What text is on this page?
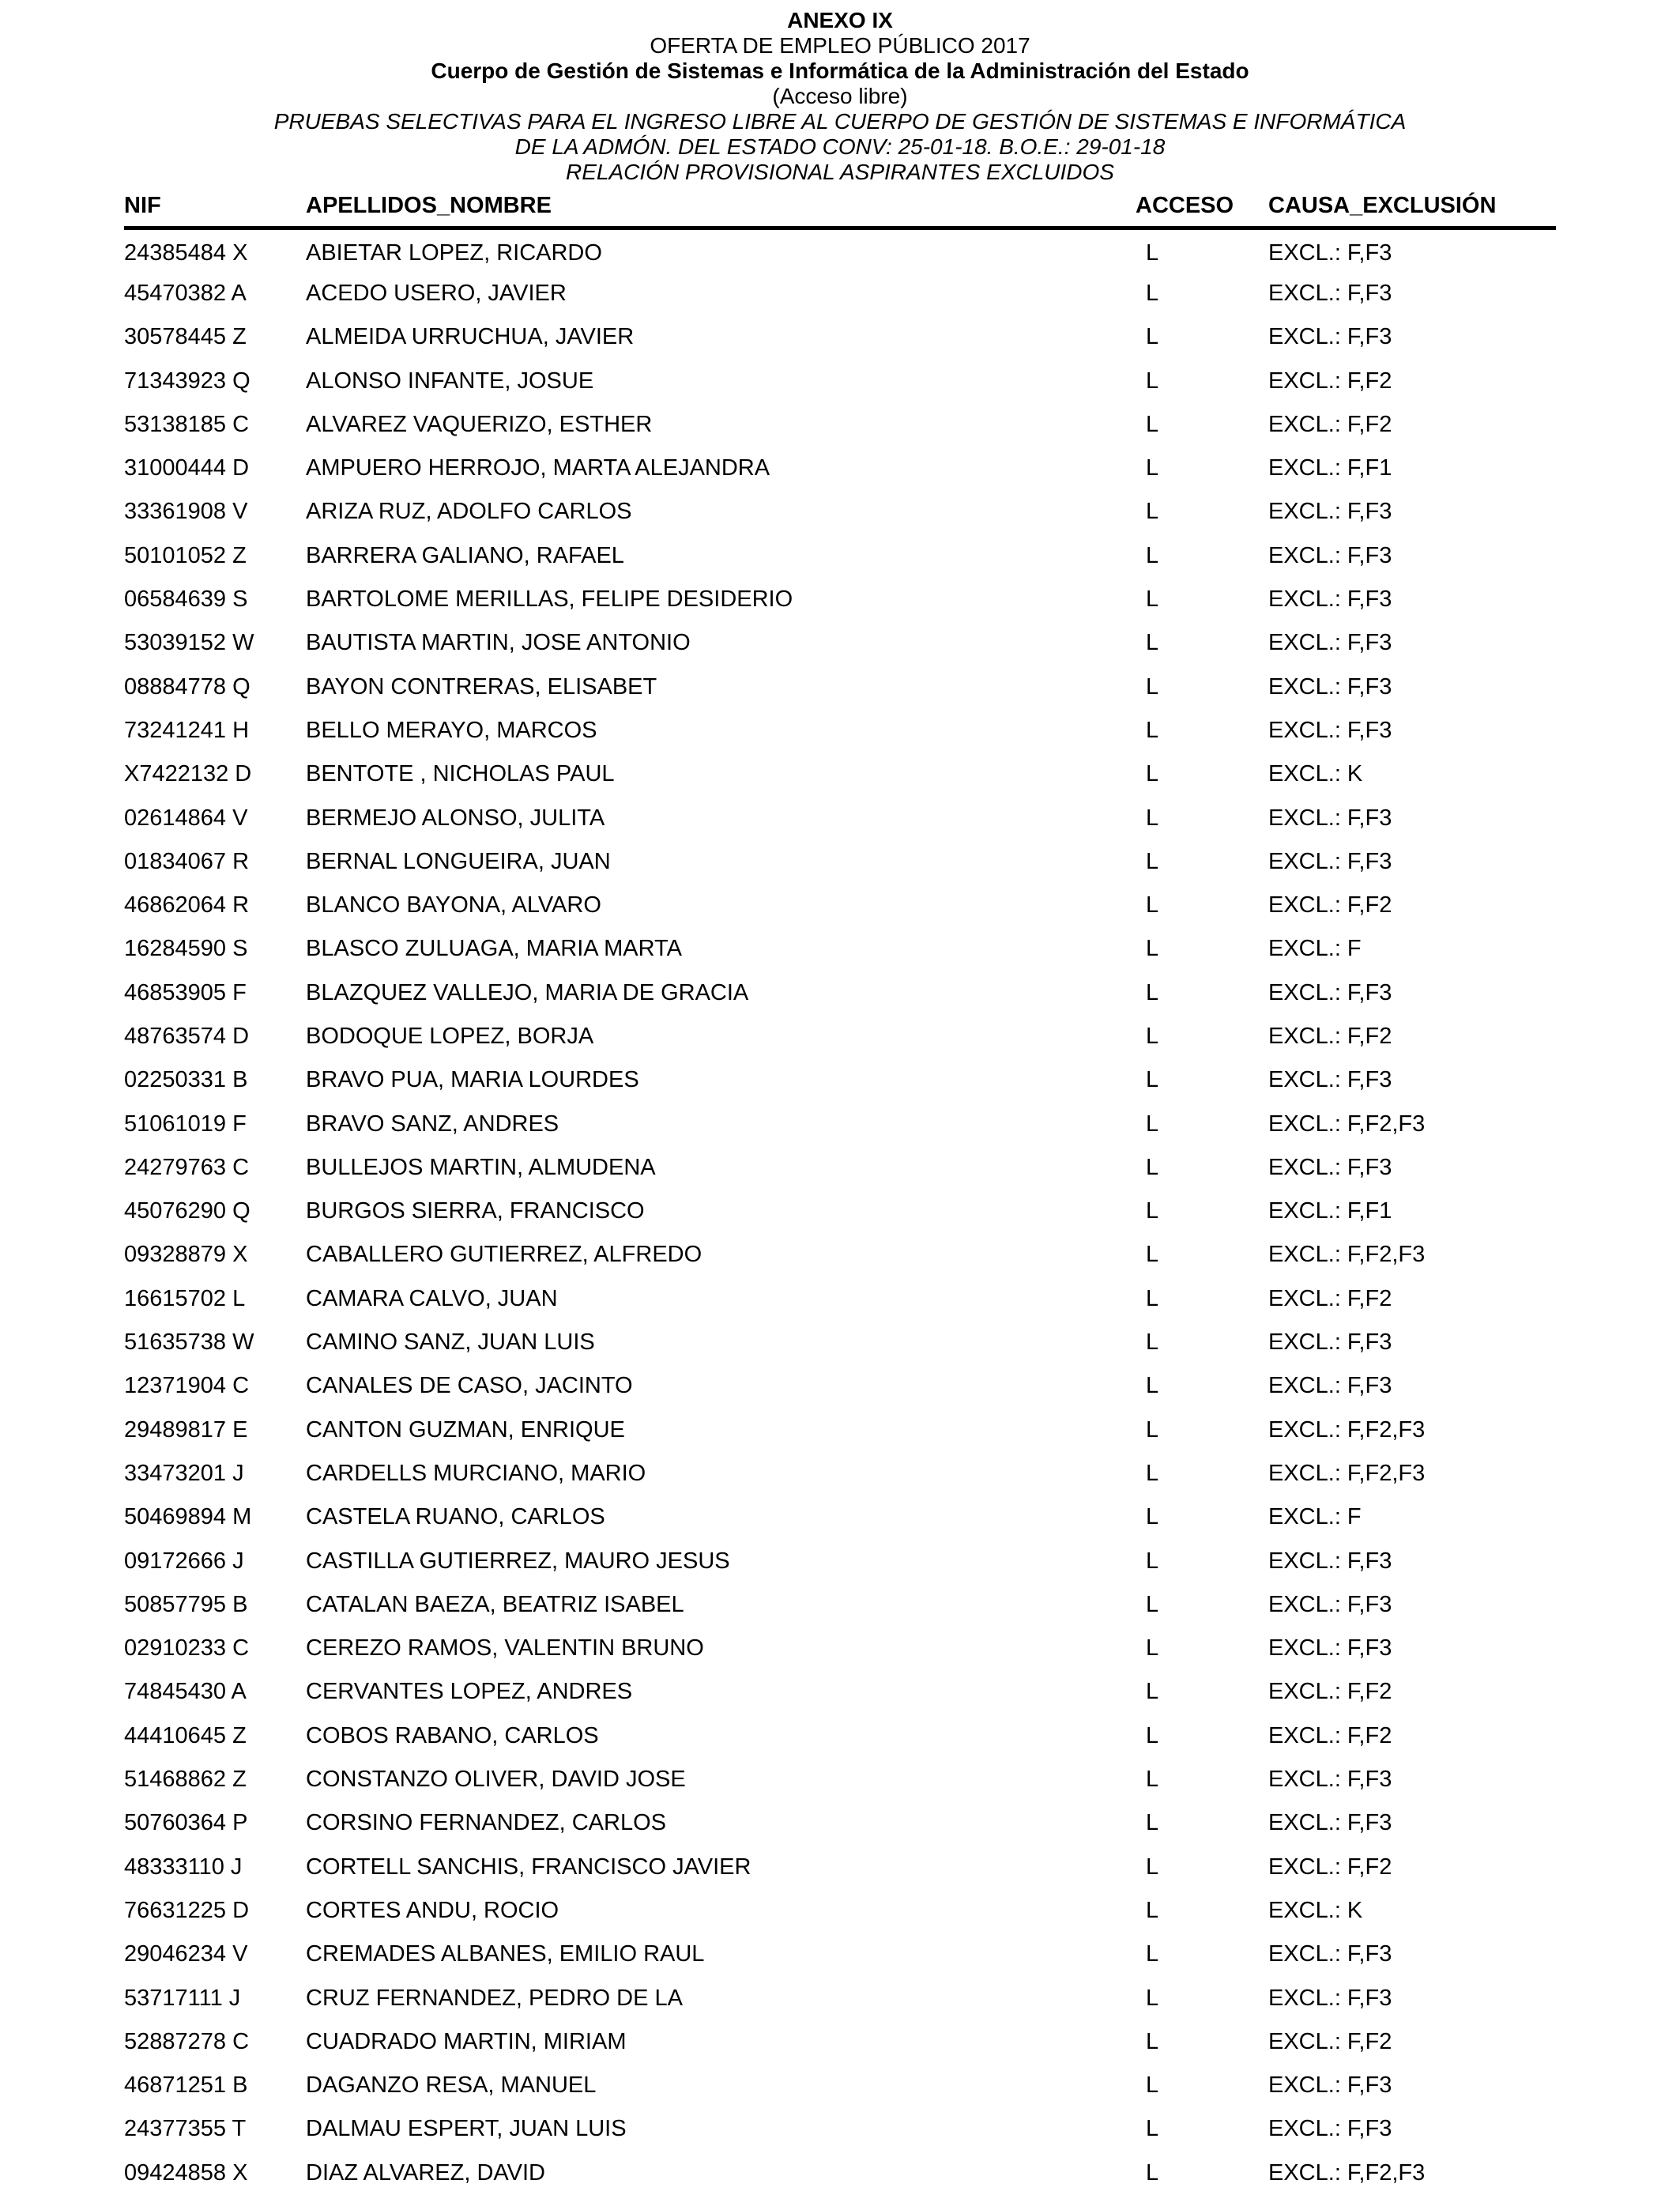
ANEXO IX
OFERTA DE EMPLEO PÚBLICO 2017
Cuerpo de Gestión de Sistemas e Informática de la Administración del Estado
(Acceso libre)
PRUEBAS SELECTIVAS PARA EL INGRESO LIBRE AL CUERPO DE GESTIÓN DE SISTEMAS E INFORMÁTICA
DE LA ADMÓN. DEL ESTADO CONV: 25-01-18. B.O.E.: 29-01-18
RELACIÓN PROVISIONAL ASPIRANTES EXCLUIDOS
NIF	APELLIDOS_NOMBRE	ACCESO	CAUSA_EXCLUSIÓN
24385484 X	ABIETAR LOPEZ, RICARDO	L	EXCL.: F,F3
45470382 A	ACEDO USERO, JAVIER	L	EXCL.: F,F3
30578445 Z	ALMEIDA URRUCHUA, JAVIER	L	EXCL.: F,F3
71343923 Q	ALONSO INFANTE, JOSUE	L	EXCL.: F,F2
53138185 C	ALVAREZ VAQUERIZO, ESTHER	L	EXCL.: F,F2
31000444 D	AMPUERO HERROJO, MARTA ALEJANDRA	L	EXCL.: F,F1
33361908 V	ARIZA RUZ, ADOLFO CARLOS	L	EXCL.: F,F3
50101052 Z	BARRERA GALIANO, RAFAEL	L	EXCL.: F,F3
06584639 S	BARTOLOME MERILLAS, FELIPE DESIDERIO	L	EXCL.: F,F3
53039152 W	BAUTISTA MARTIN, JOSE ANTONIO	L	EXCL.: F,F3
08884778 Q	BAYON CONTRERAS, ELISABET	L	EXCL.: F,F3
73241241 H	BELLO MERAYO, MARCOS	L	EXCL.: F,F3
X7422132 D	BENTOTE , NICHOLAS PAUL	L	EXCL.: K
02614864 V	BERMEJO ALONSO, JULITA	L	EXCL.: F,F3
01834067 R	BERNAL LONGUEIRA, JUAN	L	EXCL.: F,F3
46862064 R	BLANCO BAYONA, ALVARO	L	EXCL.: F,F2
16284590 S	BLASCO ZULUAGA, MARIA MARTA	L	EXCL.: F
46853905 F	BLAZQUEZ VALLEJO, MARIA DE GRACIA	L	EXCL.: F,F3
48763574 D	BODOQUE LOPEZ, BORJA	L	EXCL.: F,F2
02250331 B	BRAVO PUA, MARIA LOURDES	L	EXCL.: F,F3
51061019 F	BRAVO SANZ, ANDRES	L	EXCL.: F,F2,F3
24279763 C	BULLEJOS MARTIN, ALMUDENA	L	EXCL.: F,F3
45076290 Q	BURGOS SIERRA, FRANCISCO	L	EXCL.: F,F1
09328879 X	CABALLERO GUTIERREZ, ALFREDO	L	EXCL.: F,F2,F3
16615702 L	CAMARA CALVO, JUAN	L	EXCL.: F,F2
51635738 W	CAMINO SANZ, JUAN LUIS	L	EXCL.: F,F3
12371904 C	CANALES DE CASO, JACINTO	L	EXCL.: F,F3
29489817 E	CANTON GUZMAN, ENRIQUE	L	EXCL.: F,F2,F3
33473201 J	CARDELLS MURCIANO, MARIO	L	EXCL.: F,F2,F3
50469894 M	CASTELA RUANO, CARLOS	L	EXCL.: F
09172666 J	CASTILLA GUTIERREZ, MAURO JESUS	L	EXCL.: F,F3
50857795 B	CATALAN BAEZA, BEATRIZ ISABEL	L	EXCL.: F,F3
02910233 C	CEREZO RAMOS, VALENTIN BRUNO	L	EXCL.: F,F3
74845430 A	CERVANTES LOPEZ, ANDRES	L	EXCL.: F,F2
44410645 Z	COBOS RABANO, CARLOS	L	EXCL.: F,F2
51468862 Z	CONSTANZO OLIVER, DAVID JOSE	L	EXCL.: F,F3
50760364 P	CORSINO FERNANDEZ, CARLOS	L	EXCL.: F,F3
48333110 J	CORTELL SANCHIS, FRANCISCO JAVIER	L	EXCL.: F,F2
76631225 D	CORTES ANDU, ROCIO	L	EXCL.: K
29046234 V	CREMADES ALBANES, EMILIO RAUL	L	EXCL.: F,F3
53717111 J	CRUZ FERNANDEZ, PEDRO DE LA	L	EXCL.: F,F3
52887278 C	CUADRADO MARTIN, MIRIAM	L	EXCL.: F,F2
46871251 B	DAGANZO RESA, MANUEL	L	EXCL.: F,F3
24377355 T	DALMAU ESPERT, JUAN LUIS	L	EXCL.: F,F3
09424858 X	DIAZ ALVAREZ, DAVID	L	EXCL.: F,F2,F3
